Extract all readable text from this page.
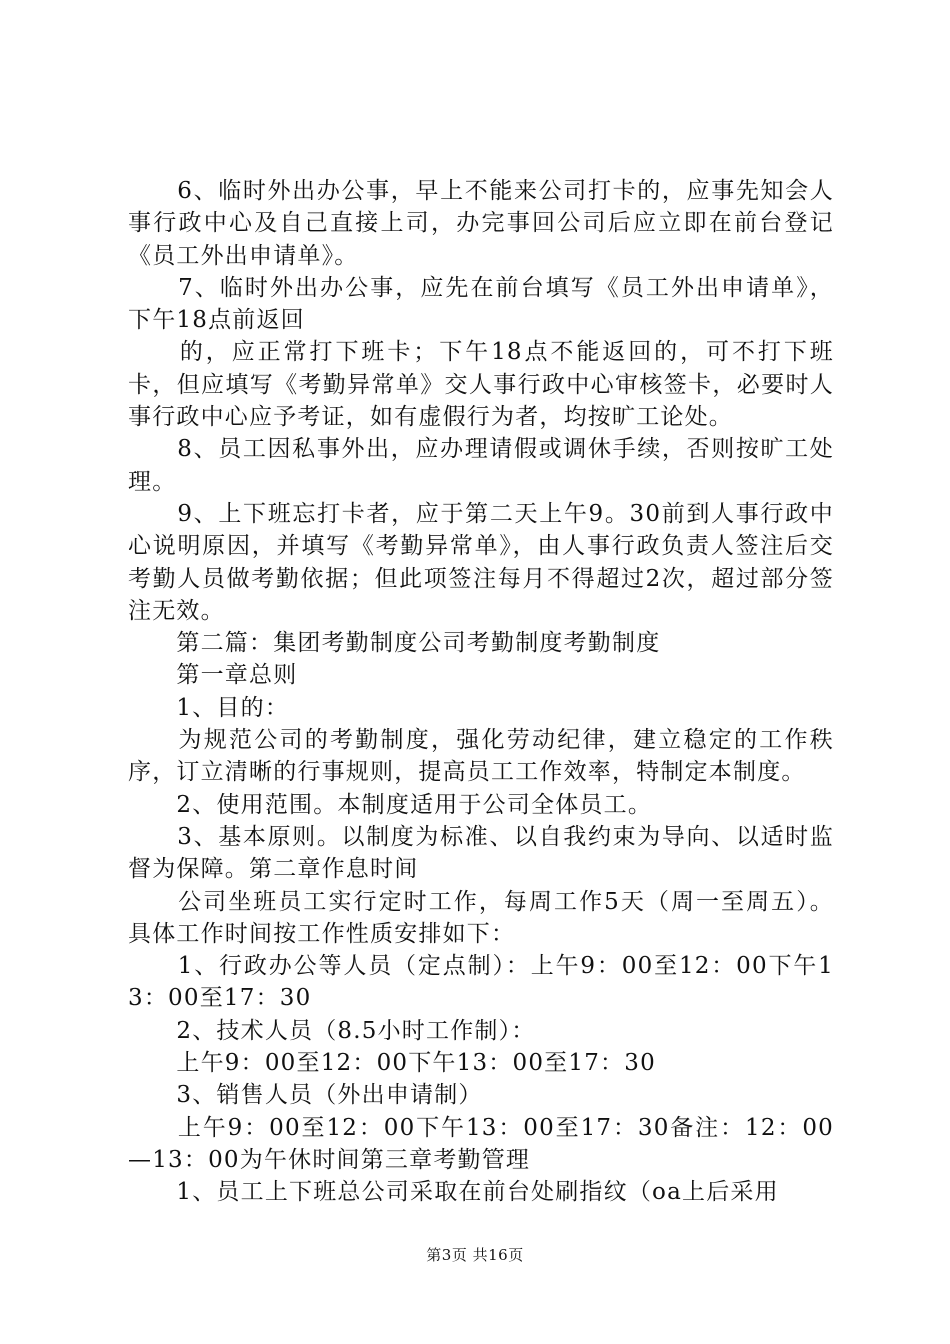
　　6、临时外出办公事，早上不能来公司打卡的，应事先知会人事行政中心及自己直接上司，办完事回公司后应立即在前台登记《员工外出申请单》。

　　7、临时外出办公事，应先在前台填写《员工外出申请单》，下午18点前返回

　　的，应正常打下班卡；下午18点不能返回的，可不打下班卡，但应填写《考勤异常单》交人事行政中心审核签卡，必要时人事行政中心应予考证，如有虚假行为者，均按旷工论处。

　　8、员工因私事外出，应办理请假或调休手续，否则按旷工处理。

　　9、上下班忘打卡者，应于第二天上午9。30前到人事行政中心说明原因，并填写《考勤异常单》，由人事行政负责人签注后交考勤人员做考勤依据；但此项签注每月不得超过2次，超过部分签注无效。

　　第二篇：集团考勤制度公司考勤制度考勤制度

　　第一章总则

　　1、目的：

　　为规范公司的考勤制度，强化劳动纪律，建立稳定的工作秩序，订立清晰的行事规则，提高员工工作效率，特制定本制度。

　　2、使用范围。本制度适用于公司全体员工。

　　3、基本原则。以制度为标准、以自我约束为导向、以适时监督为保障。第二章作息时间

　　公司坐班员工实行定时工作，每周工作5天（周一至周五）。具体工作时间按工作性质安排如下：

　　1、行政办公等人员（定点制）：上午9：00至12：00下午13：00至17：30

　　2、技术人员（8.5小时工作制）：

　　上午9：00至12：00下午13：00至17：30

　　3、销售人员（外出申请制）

　　上午9：00至12：00下午13：00至17：30备注：12：00—13：00为午休时间第三章考勤管理

　　1、员工上下班总公司采取在前台处刷指纹（oa上后采用

第3页 共16页
